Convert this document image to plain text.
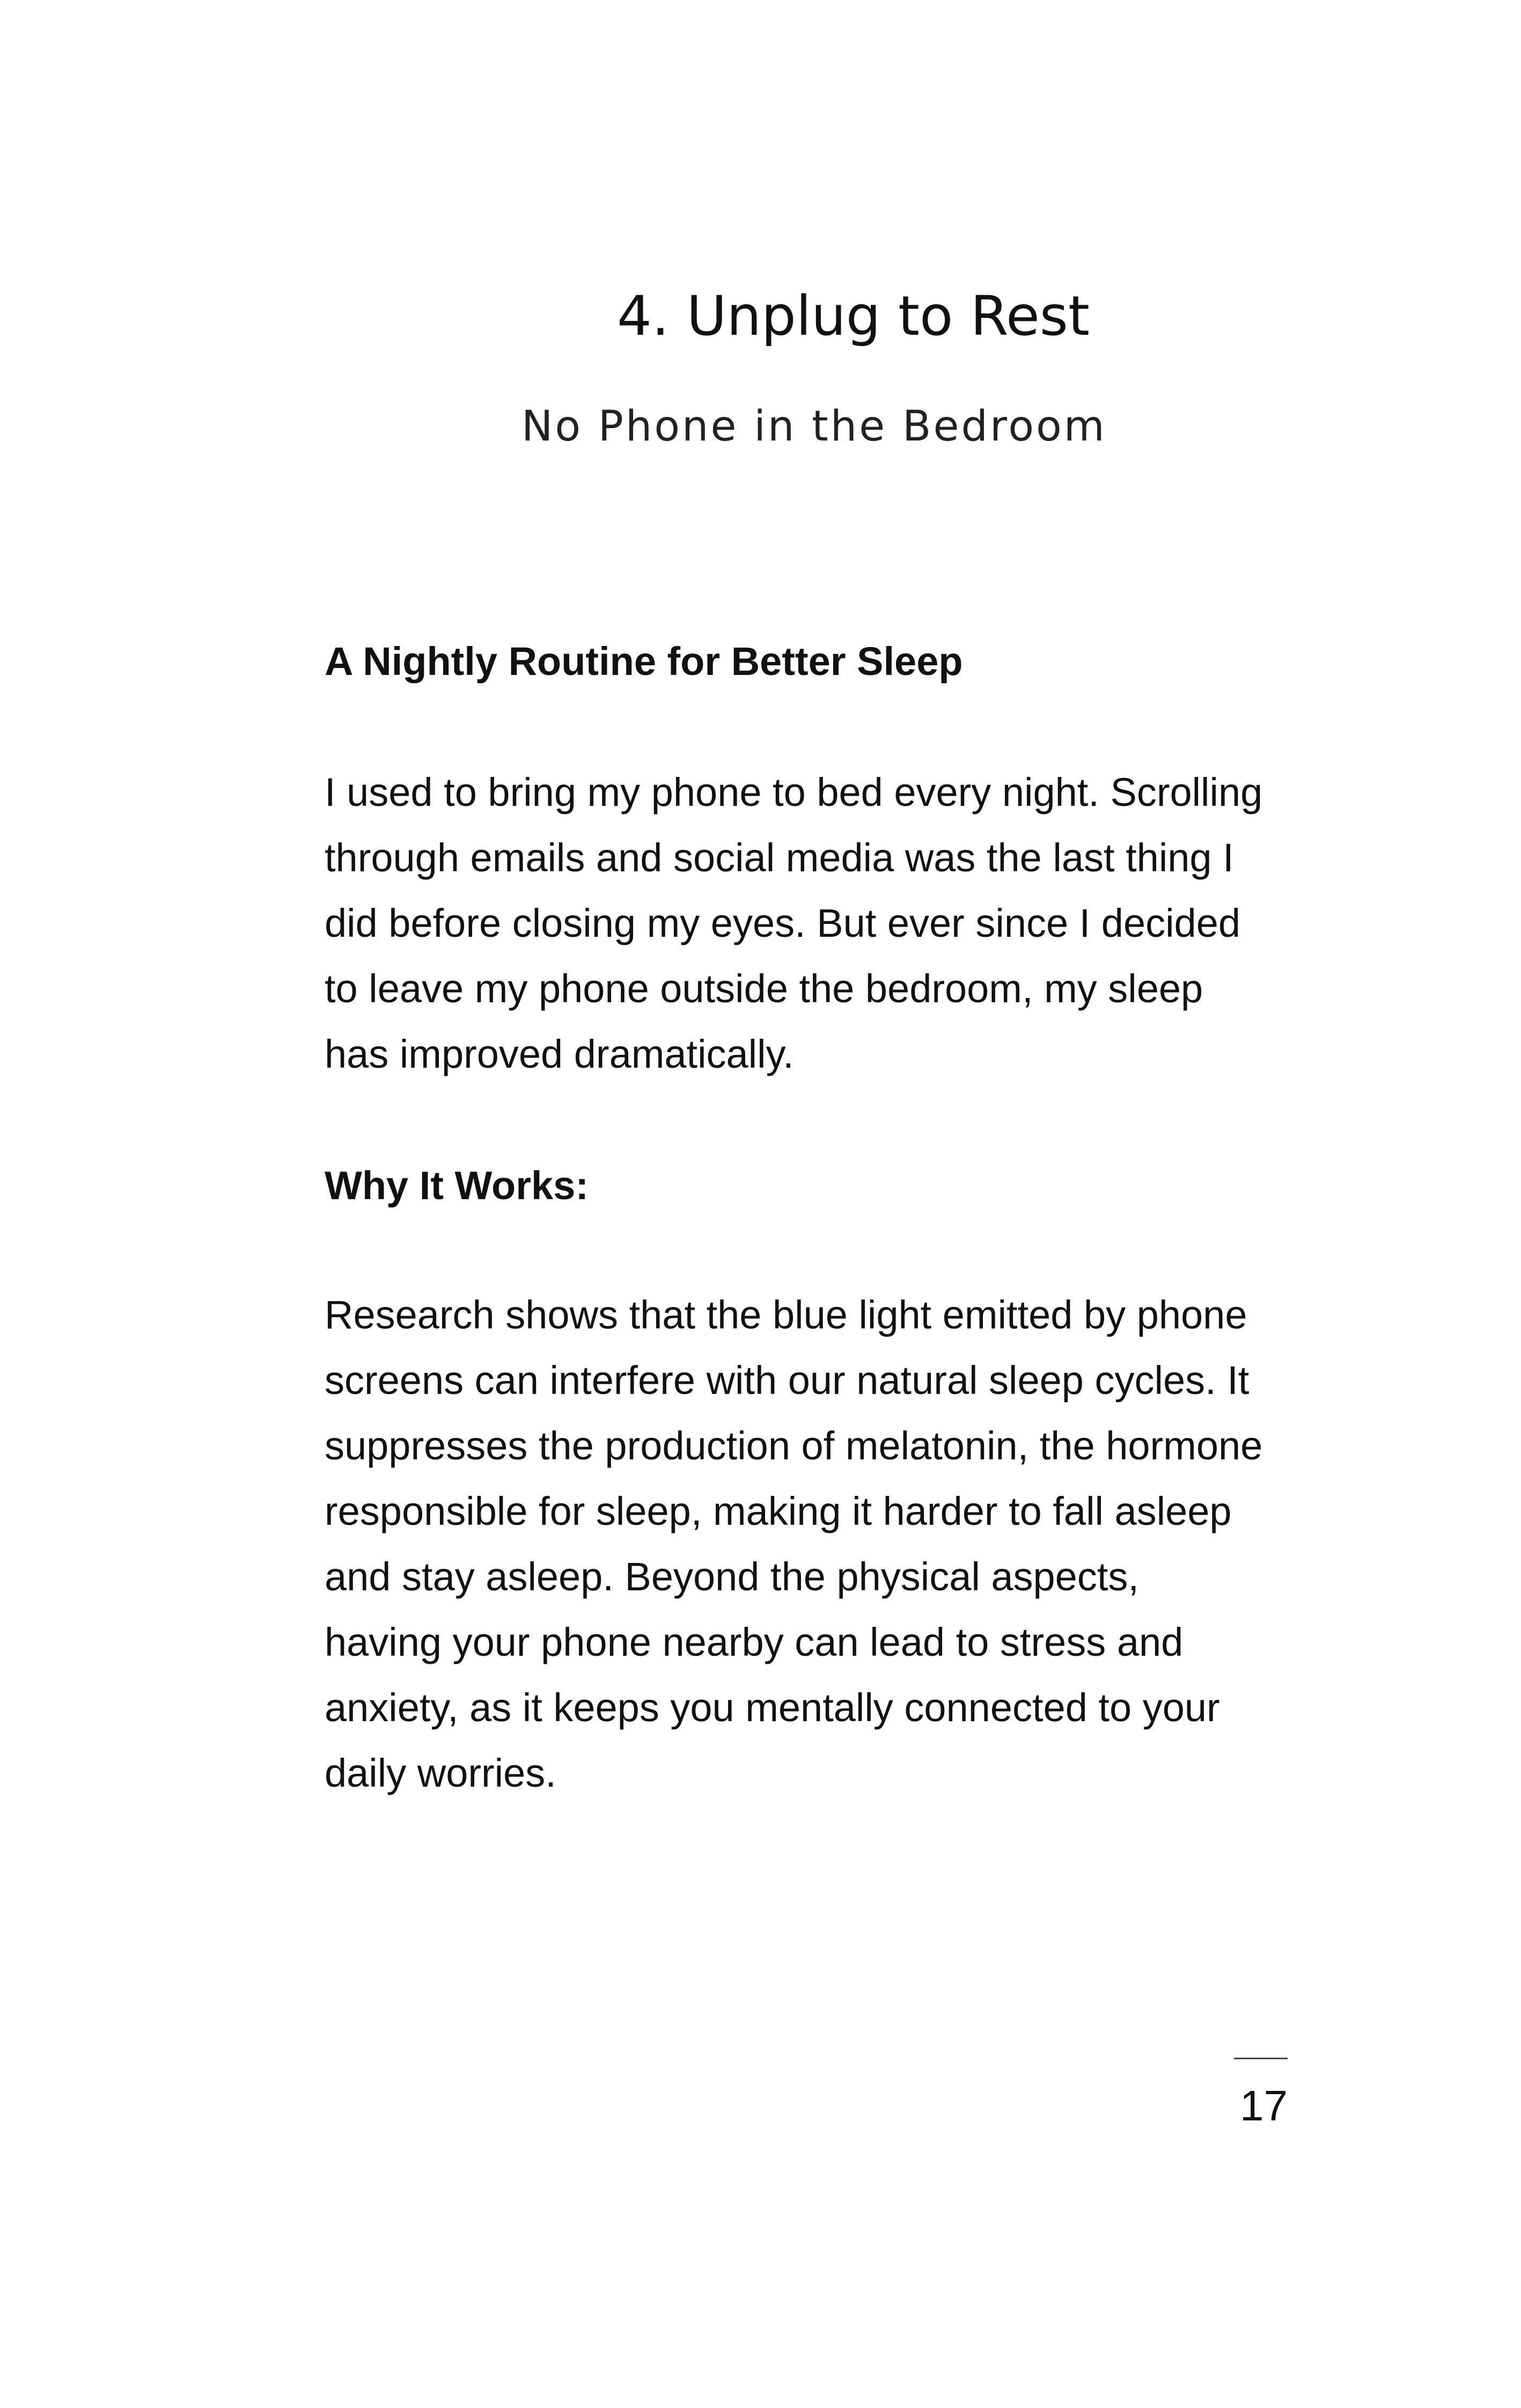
4. Unplug to Rest

No Phone in the Bedroom

A Nightly Routine for Better Sleep

I used to bring my phone to bed every night. Scrolling
through emails and social media was the last thing I
did before closing my eyes. But ever since I decided
to leave my phone outside the bedroom, my sleep
has improved dramatically.

Why It Works:

Research shows that the blue light emitted by phone
screens can interfere with our natural sleep cycles. It
suppresses the production of melatonin, the hormone
responsible for sleep, making it harder to fall asleep
and stay asleep. Beyond the physical aspects,
having your phone nearby can lead to stress and
anxiety, as it keeps you mentally connected to your
daily worries.

17
